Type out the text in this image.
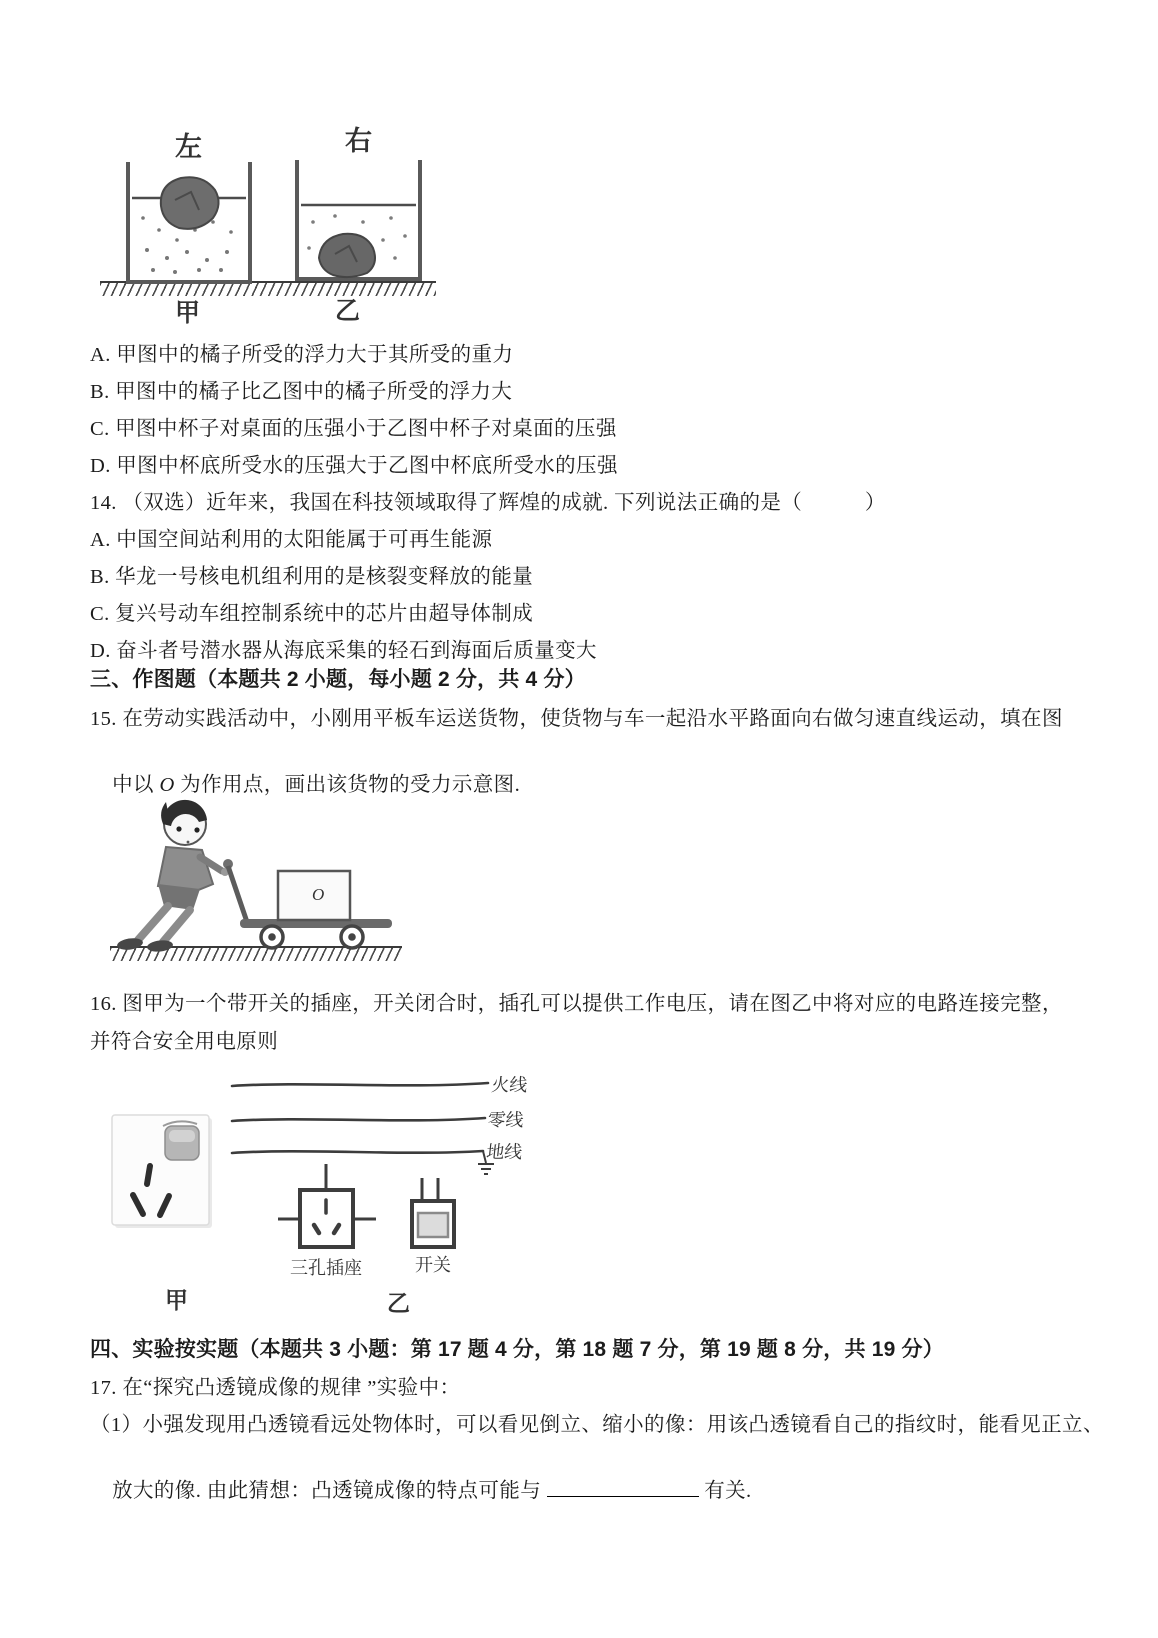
左	右
甲	乙
A. 甲图中的橘子所受的浮力大于其所受的重力
B. 甲图中的橘子比乙图中的橘子所受的浮力大
C. 甲图中杯子对桌面的压强小于乙图中杯子对桌面的压强
D. 甲图中杯底所受水的压强大于乙图中杯底所受水的压强
14. （双选）近年来，我国在科技领域取得了辉煌的成就. 下列说法正确的是（　　　）
A. 中国空间站利用的太阳能属于可再生能源
B. 华龙一号核电机组利用的是核裂变释放的能量
C. 复兴号动车组控制系统中的芯片由超导体制成
D. 奋斗者号潜水器从海底采集的轻石到海面后质量变大
三、作图题（本题共 2 小题，每小题 2 分，共 4 分）
15. 在劳动实践活动中，小刚用平板车运送货物，使货物与车一起沿水平路面向右做匀速直线运动，填在图

中以 O 为作用点，画出该货物的受力示意图.

O
16. 图甲为一个带开关的插座，开关闭合时，插孔可以提供工作电压，请在图乙中将对应的电路连接完整，
并符合安全用电原则
火线
零线
地线
三孔插座	开关
甲	乙
四、实验按实题（本题共 3 小题：第 17 题 4 分，第 18 题 7 分，第 19 题 8 分，共 19 分）
17. 在“探究凸透镜成像的规律 ”实验中：
（1）小强发现用凸透镜看远处物体时，可以看见倒立、缩小的像：用该凸透镜看自己的指纹时，能看见正立、

放大的像. 由此猜想：凸透镜成像的特点可能与	有关.
